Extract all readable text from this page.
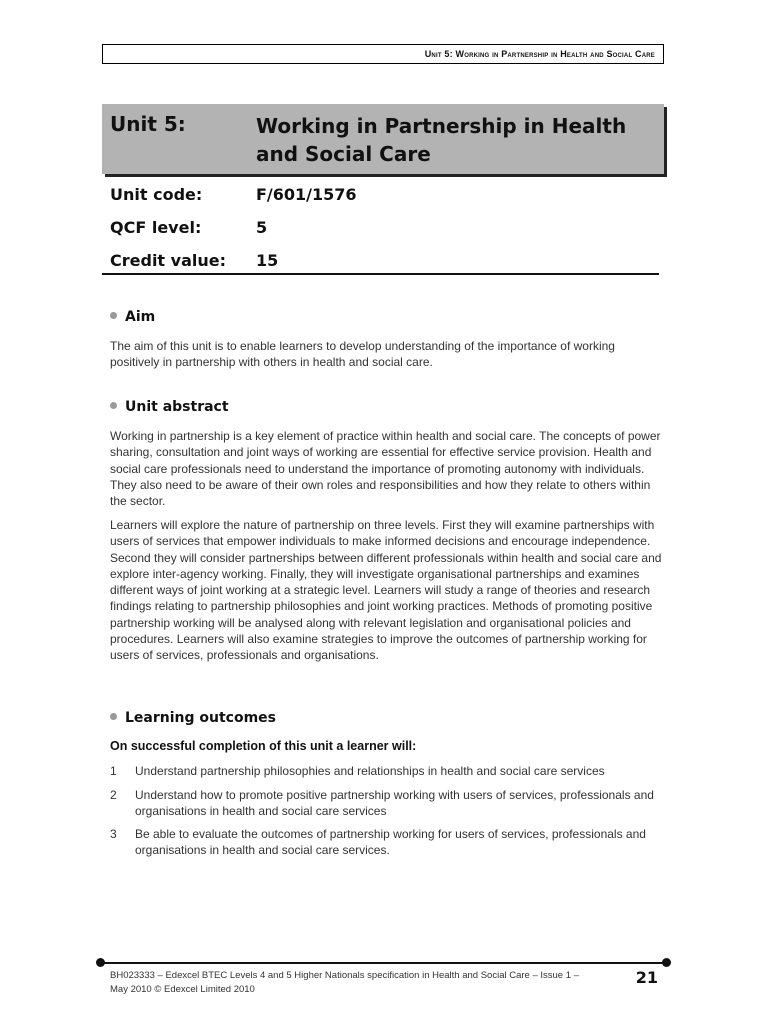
Unit 5: Working in Partnership in Health and Social Care
Unit 5:	Working in Partnership in Health and Social Care
Unit code:	F/601/1576
QCF level:	5
Credit value:	15
Aim
The aim of this unit is to enable learners to develop understanding of the importance of working positively in partnership with others in health and social care.
Unit abstract
Working in partnership is a key element of practice within health and social care. The concepts of power sharing, consultation and joint ways of working are essential for effective service provision. Health and social care professionals need to understand the importance of promoting autonomy with individuals. They also need to be aware of their own roles and responsibilities and how they relate to others within the sector.
Learners will explore the nature of partnership on three levels. First they will examine partnerships with users of services that empower individuals to make informed decisions and encourage independence. Second they will consider partnerships between different professionals within health and social care and explore inter-agency working. Finally, they will investigate organisational partnerships and examines different ways of joint working at a strategic level. Learners will study a range of theories and research findings relating to partnership philosophies and joint working practices. Methods of promoting positive partnership working will be analysed along with relevant legislation and organisational policies and procedures. Learners will also examine strategies to improve the outcomes of partnership working for users of services, professionals and organisations.
Learning outcomes
On successful completion of this unit a learner will:
1 Understand partnership philosophies and relationships in health and social care services
2 Understand how to promote positive partnership working with users of services, professionals and organisations in health and social care services
3 Be able to evaluate the outcomes of partnership working for users of services, professionals and organisations in health and social care services.
BH023333 – Edexcel BTEC Levels 4 and 5 Higher Nationals specification in Health and Social Care – Issue 1 – May 2010 © Edexcel Limited 2010
21
